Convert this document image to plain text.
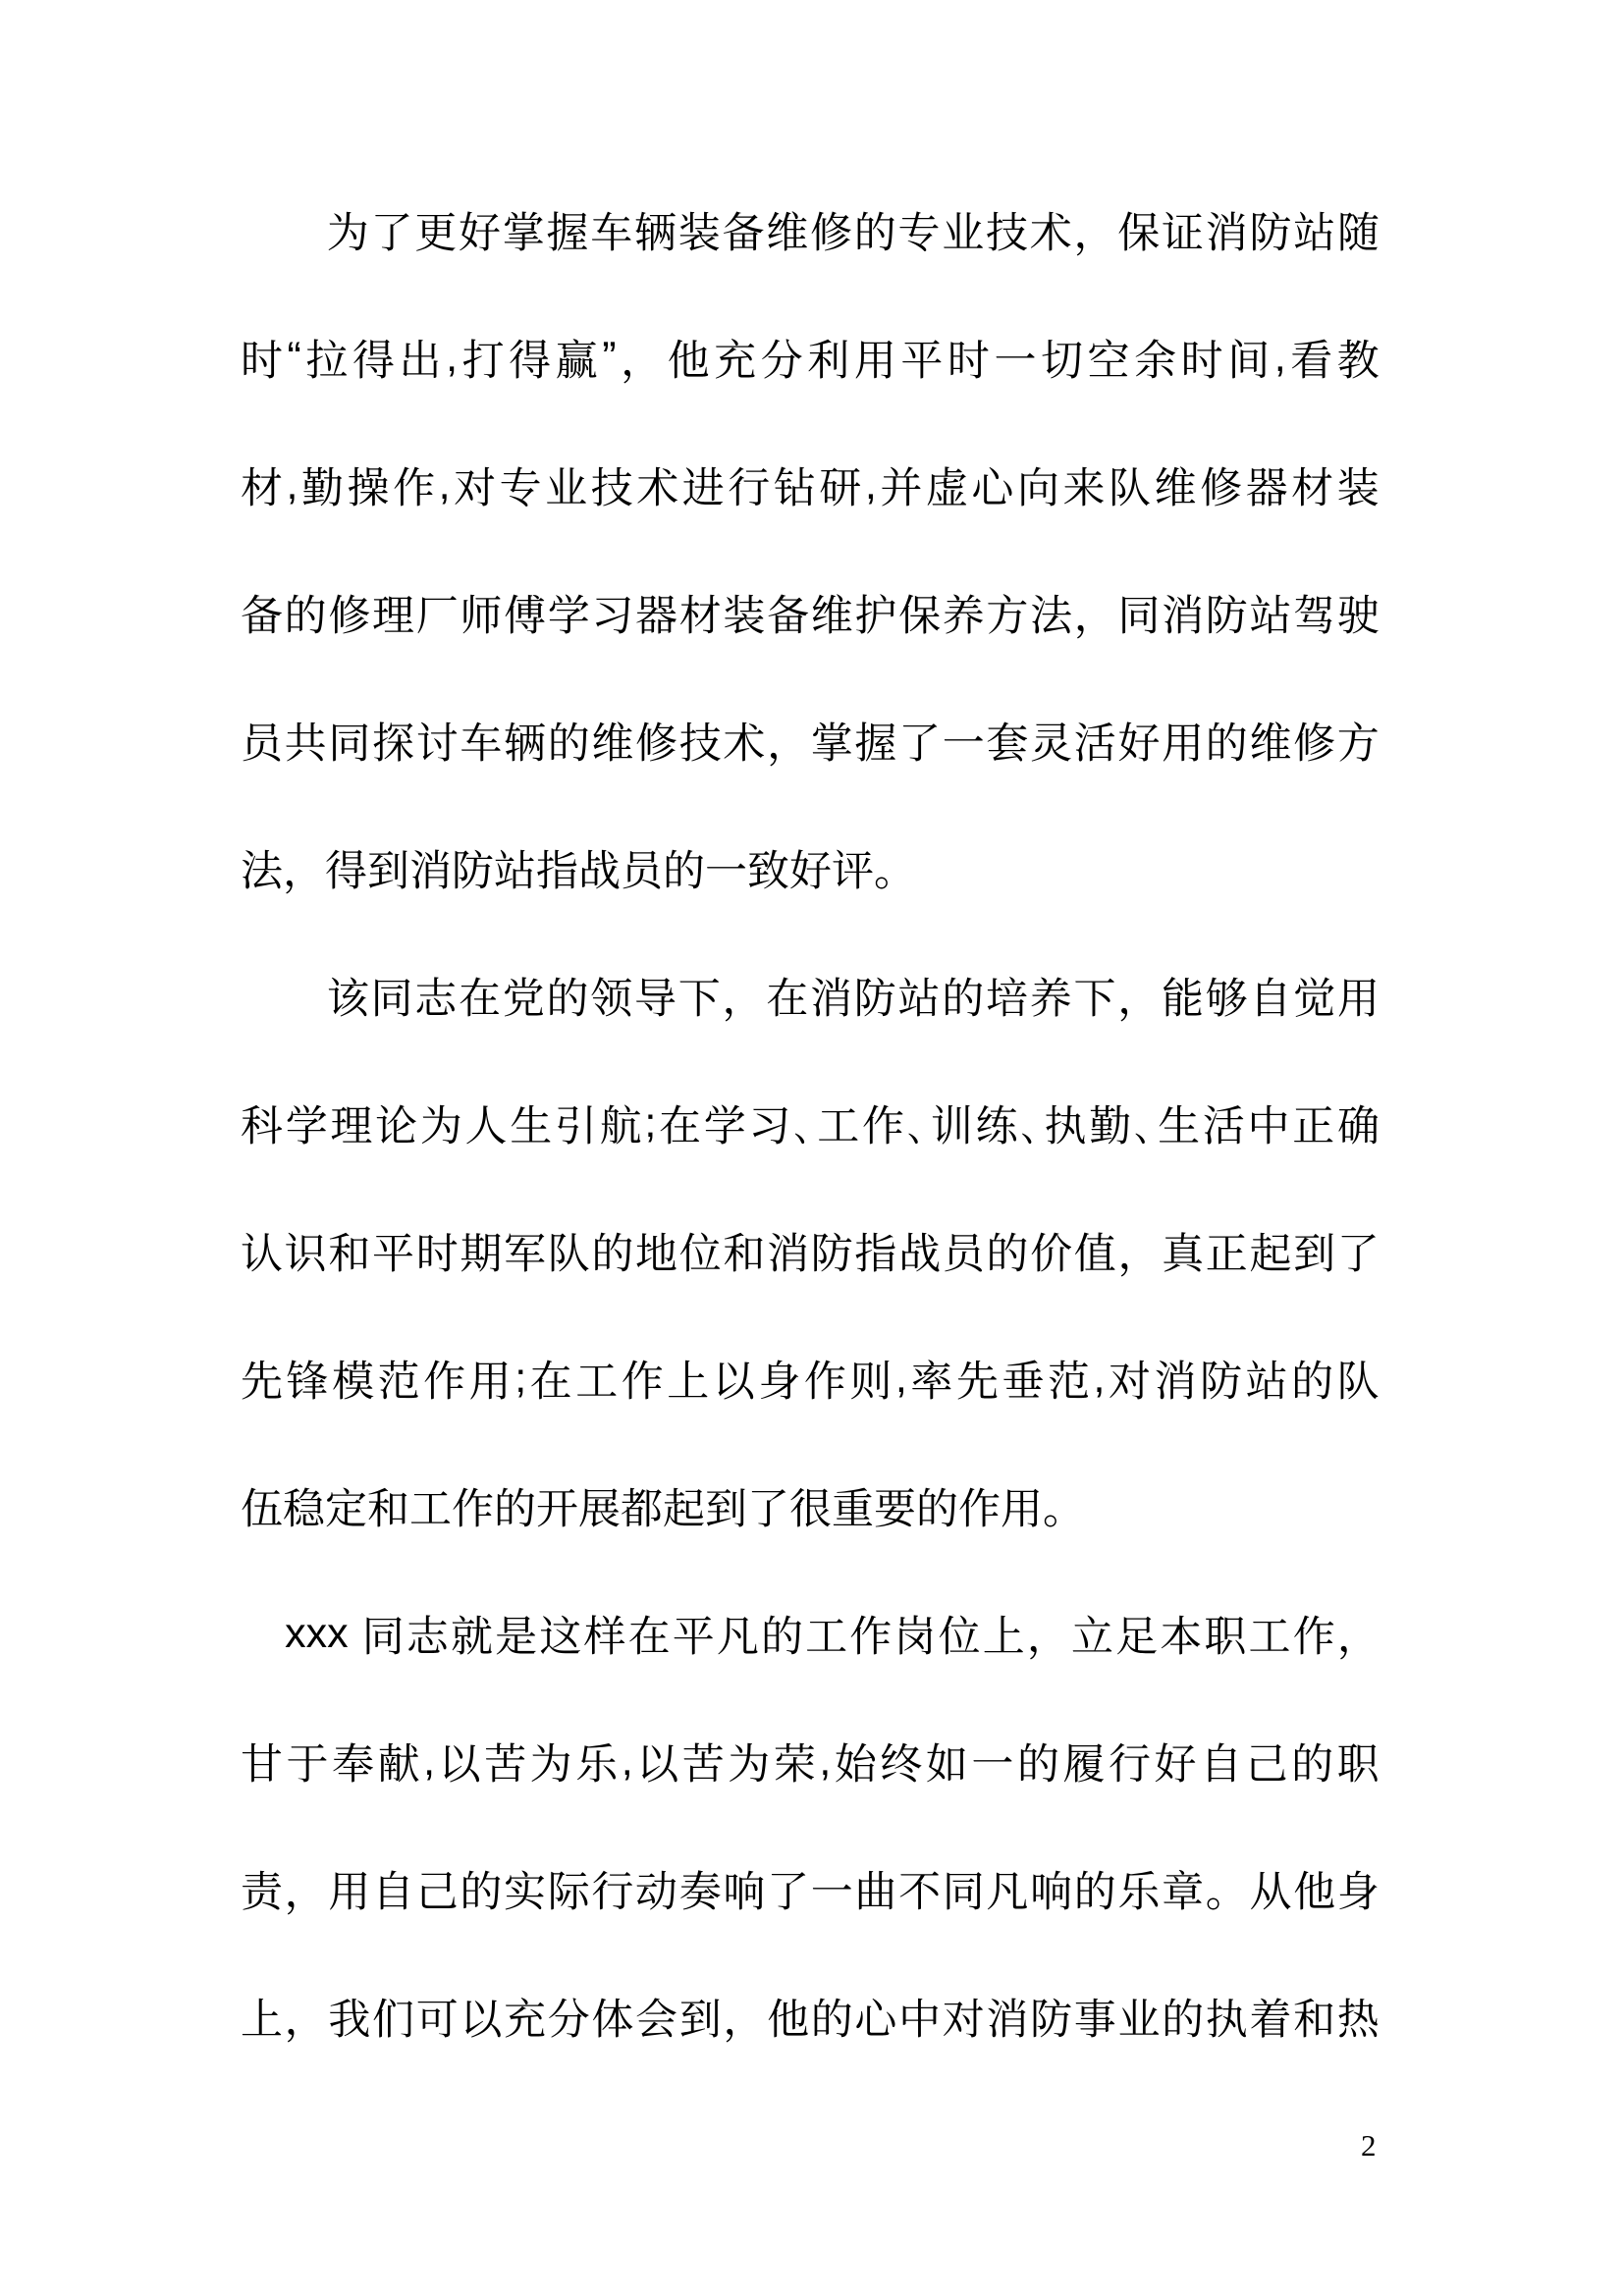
为 了 更 好 掌 握 车 辆 装 备 维 修 的 专 业 技 术 ， 保 证 消 防 站 随
时 “ 拉 得 出 , 打 得 赢 ” ， 他 充 分 利 用 平 时 一 切 空 余 时 间 , 看 教
材 , 勤 操 作 , 对 专 业 技 术 进 行 钻 研 , 并 虚 心 向 来 队 维 修 器 材 装
备 的 修 理 厂 师 傅 学 习 器 材 装 备 维 护 保 养 方 法 ， 同 消 防 站 驾 驶
员 共 同 探 讨 车 辆 的 维 修 技 术 ， 掌 握 了 一 套 灵 活 好 用 的 维 修 方
法 ， 得 到 消 防 站 指 战 员 的 一 致 好 评 。
该 同 志 在 党 的 领 导 下 ， 在 消 防 站 的 培 养 下 ， 能 够 自 觉 用
科 学 理 论 为 人 生 引 航 ; 在 学 习 ､ 工 作 ､ 训 练 ､ 执 勤 ､ 生 活 中 正 确
认 识 和 平 时 期 军 队 的 地 位 和 消 防 指 战 员 的 价 值 ， 真 正 起 到 了
先 锋 模 范 作 用 ; 在 工 作 上 以 身 作 则 , 率 先 垂 范 , 对 消 防 站 的 队
伍 稳 定 和 工 作 的 开 展 都 起 到 了 很 重 要 的 作 用 。
xxx 同 志 就 是 这 样 在 平 凡 的 工 作 岗 位 上 ， 立 足 本 职 工 作 ，
甘 于 奉 献 , 以 苦 为 乐 , 以 苦 为 荣 , 始 终 如 一 的 履 行 好 自 己 的 职
责 ， 用 自 己 的 实 际 行 动 奏 响 了 一 曲 不 同 凡 响 的 乐 章 。 从 他 身
上 ， 我 们 可 以 充 分 体 会 到 ， 他 的 心 中 对 消 防 事 业 的 执 着 和 热
2
